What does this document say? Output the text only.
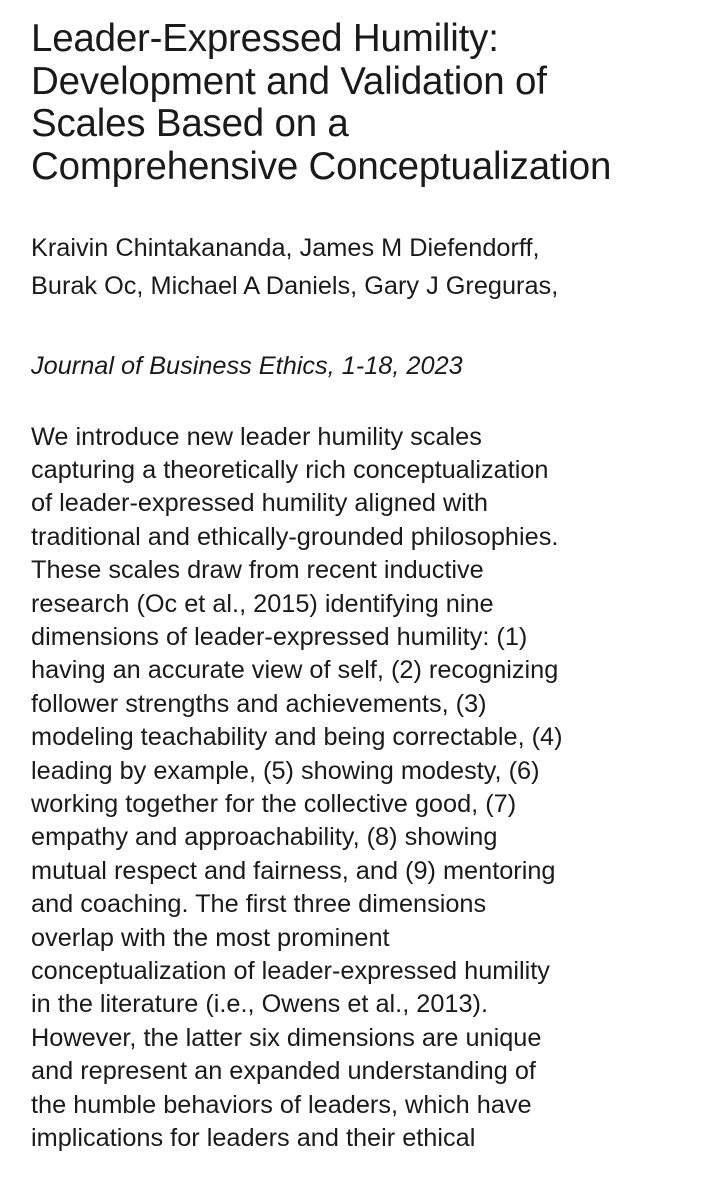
Leader-Expressed Humility:
Development and Validation of
Scales Based on a
Comprehensive Conceptualization
Kraivin Chintakananda, James M Diefendorff,
Burak Oc, Michael A Daniels, Gary J Greguras,
Journal of Business Ethics, 1-18, 2023
We introduce new leader humility scales
capturing a theoretically rich conceptualization
of leader-expressed humility aligned with
traditional and ethically-grounded philosophies.
These scales draw from recent inductive
research (Oc et al., 2015) identifying nine
dimensions of leader-expressed humility: (1)
having an accurate view of self, (2) recognizing
follower strengths and achievements, (3)
modeling teachability and being correctable, (4)
leading by example, (5) showing modesty, (6)
working together for the collective good, (7)
empathy and approachability, (8) showing
mutual respect and fairness, and (9) mentoring
and coaching. The first three dimensions
overlap with the most prominent
conceptualization of leader-expressed humility
in the literature (i.e., Owens et al., 2013).
However, the latter six dimensions are unique
and represent an expanded understanding of
the humble behaviors of leaders, which have
implications for leaders and their ethical
